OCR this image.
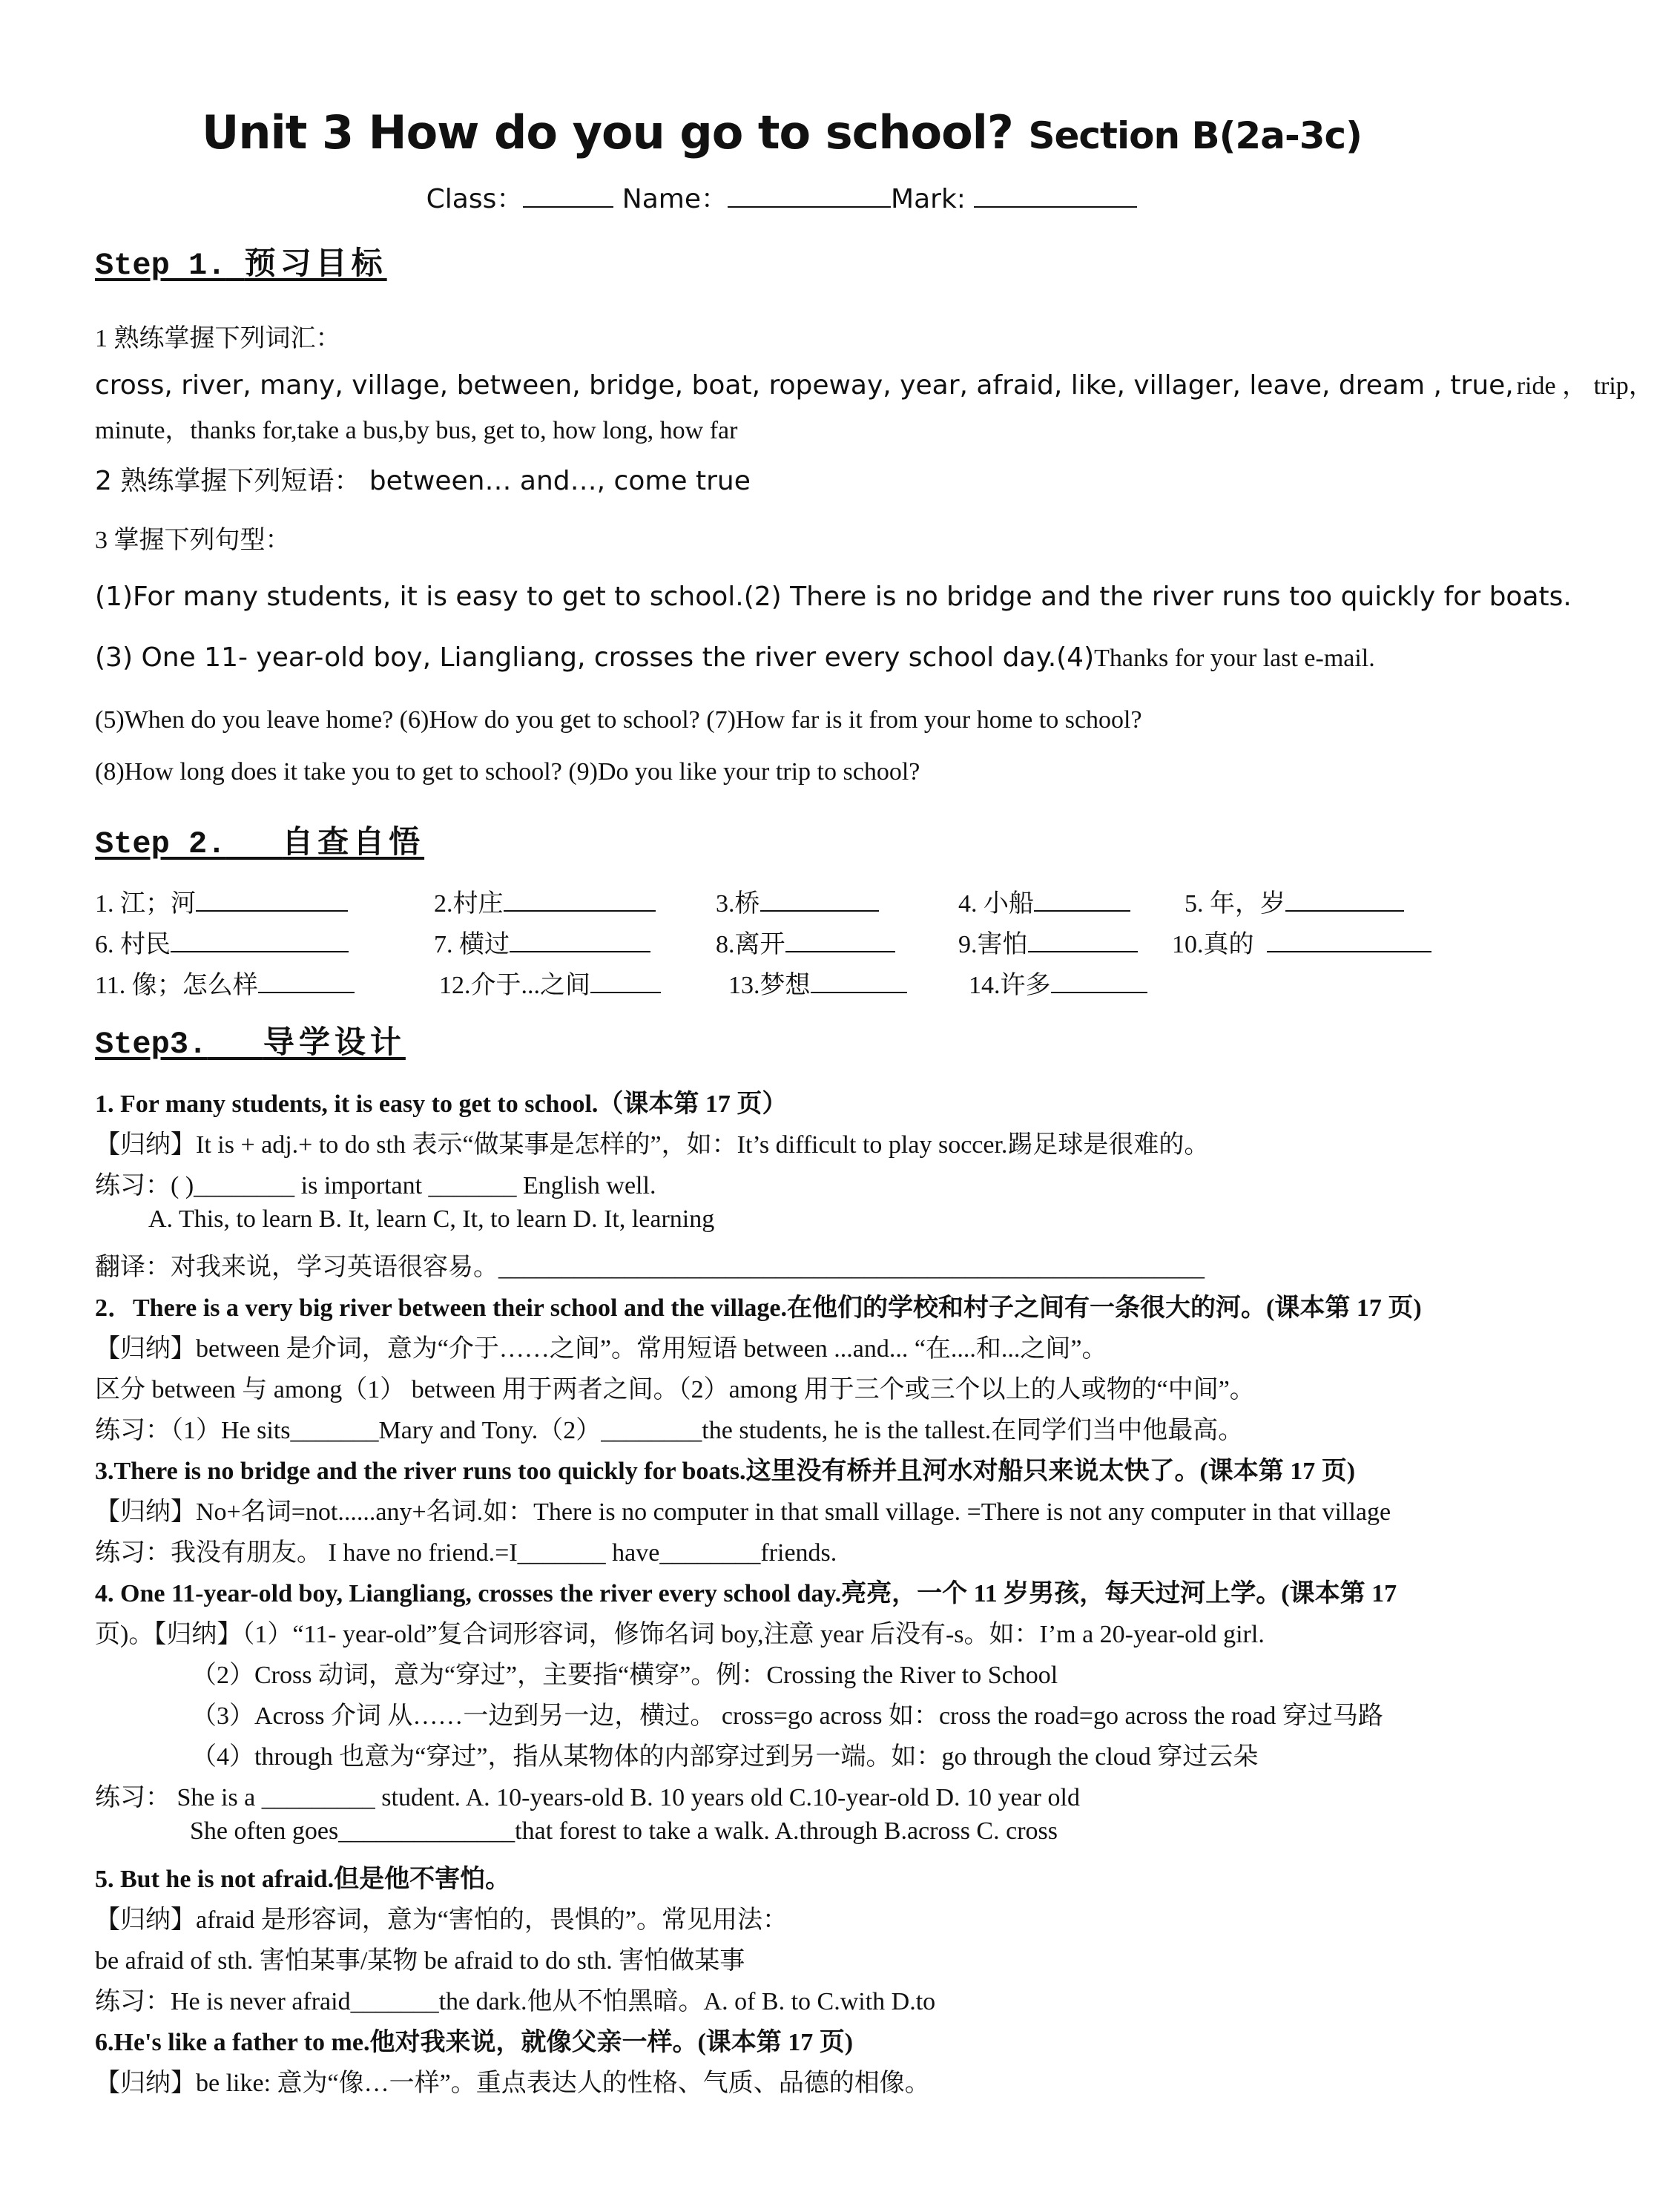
Unit 3 How do you go to school? Section B(2a-3c)
Class：	Name：	Mark:
Step 1. 预习目标
1 熟练掌握下列词汇：
cross, river, many, village, between, bridge, boat, ropeway, year, afraid, like, villager, leave, dream , true, ride ， trip，
minute，thanks for,take a bus,by bus, get to, how long, how far
2 熟练掌握下列短语： between… and…, come true
3 掌握下列句型：
(1)For many students, it is easy to get to school.(2) There is no bridge and the river runs too quickly for boats.
(3) One 11- year-old boy, Liangliang, crosses the river every school day.(4)Thanks for your last e-mail.
(5)When do you leave home? (6)How do you get to school? (7)How far is it from your home to school?
(8)How long does it take you to get to school? (9)Do you like your trip to school?
Step 2. 自查自悟
1. 江；河	2.村庄	3.桥	4. 小船	5. 年，岁
6. 村民	7. 横过	8.离开	9.害怕	10.真的
11. 像；怎么样	12.介于...之间	13.梦想	14.许多
Step3. 导学设计
1. For many students, it is easy to get to school.（课本第 17 页）
【归纳】It is + adj.+ to do sth 表示“做某事是怎样的”，如：It’s difficult to play soccer.踢足球是很难的。
练习：( )________ is important _______ English well.
A. This, to learn B. It, learn C, It, to learn D. It, learning
翻译：对我来说，学习英语很容易。________________________________________________________
2．There is a very big river between their school and the village.在他们的学校和村子之间有一条很大的河。(课本第 17 页)
【归纳】between 是介词，意为“介于……之间”。常用短语 between ...and... “在....和...之间”。
区分 between 与 among（1） between 用于两者之间。（2）among 用于三个或三个以上的人或物的“中间”。
练习：（1）He sits_______Mary and Tony.（2）________the students, he is the tallest.在同学们当中他最高。
3.There is no bridge and the river runs too quickly for boats.这里没有桥并且河水对船只来说太快了。(课本第 17 页)
【归纳】No+名词=not......any+名词.如：There is no computer in that small village. =There is not any computer in that village
练习：我没有朋友。 I have no friend.=I_______ have________friends.
4. One 11-year-old boy, Liangliang, crosses the river every school day.亮亮，一个 11 岁男孩，每天过河上学。(课本第 17
页)。【归纳】（1）“11- year-old”复合词形容词，修饰名词 boy,注意 year 后没有-s。如：I’m a 20-year-old girl.
（2）Cross 动词，意为“穿过”，主要指“横穿”。例：Crossing the River to School
（3）Across 介词 从……一边到另一边，横过。 cross=go across 如：cross the road=go across the road 穿过马路
（4）through 也意为“穿过”，指从某物体的内部穿过到另一端。如：go through the cloud 穿过云朵
练习： She is a _________ student. A. 10-years-old B. 10 years old C.10-year-old D. 10 year old
She often goes______________that forest to take a walk. A.through B.across C. cross
5. But he is not afraid.但是他不害怕。
【归纳】afraid 是形容词，意为“害怕的，畏惧的”。常见用法：
be afraid of sth. 害怕某事/某物 be afraid to do sth. 害怕做某事
练习：He is never afraid_______the dark.他从不怕黑暗。A. of B. to C.with D.to
6.He's like a father to me.他对我来说，就像父亲一样。(课本第 17 页)
【归纳】be like: 意为“像…一样”。重点表达人的性格、气质、品德的相像。
